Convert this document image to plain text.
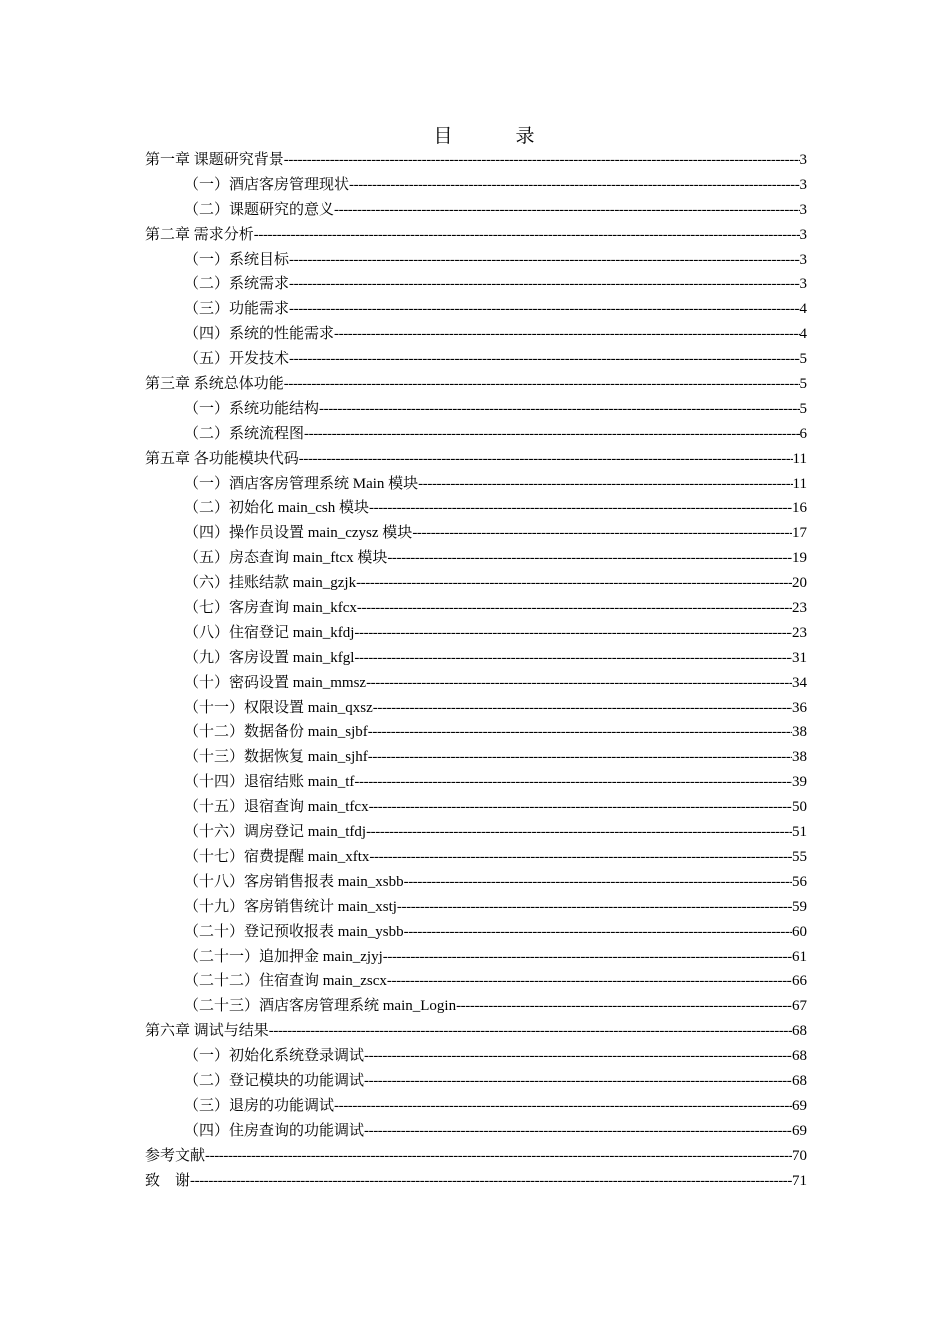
目　录
第一章 课题研究背景 -----	3
（一）酒店客房管理现状 -----	3
（二）课题研究的意义 -----	3
第二章 需求分析 -----	3
（一）系统目标 -----	3
（二）系统需求 -----	3
（三）功能需求 -----	4
（四）系统的性能需求 -----	4
（五）开发技术 -----	5
第三章 系统总体功能 -----	5
（一）系统功能结构 -----	5
（二）系统流程图 -----	6
第五章 各功能模块代码 -----	11
（一）酒店客房管理系统 Main 模块 -----	11
（二）初始化 main_csh 模块 -----	16
（四）操作员设置 main_czysz 模块 -----	17
（五）房态查询 main_ftcx 模块 -----	19
（六）挂账结款 main_gzjk -----	20
（七）客房查询 main_kfcx -----	23
（八）住宿登记 main_kfdj -----	23
（九）客房设置 main_kfgl -----	31
（十）密码设置 main_mmsz -----	34
（十一）权限设置 main_qxsz -----	36
（十二）数据备份 main_sjbf -----	38
（十三）数据恢复 main_sjhf -----	38
（十四）退宿结账 main_tf -----	39
（十五）退宿查询 main_tfcx -----	50
（十六）调房登记 main_tfdj -----	51
（十七）宿费提醒 main_xftx -----	55
（十八）客房销售报表 main_xsbb -----	56
（十九）客房销售统计 main_xstj -----	59
（二十）登记预收报表 main_ysbb -----	60
（二十一）追加押金 main_zjyj -----	61
（二十二）住宿查询 main_zscx -----	66
（二十三）酒店客房管理系统 main_Login -----	67
第六章 调试与结果 -----	68
（一）初始化系统登录调试 -----	68
（二）登记模块的功能调试 -----	68
（三）退房的功能调试 -----	69
（四）住房查询的功能调试 -----	69
参考文献 -----	70
致　谢 -----	71
